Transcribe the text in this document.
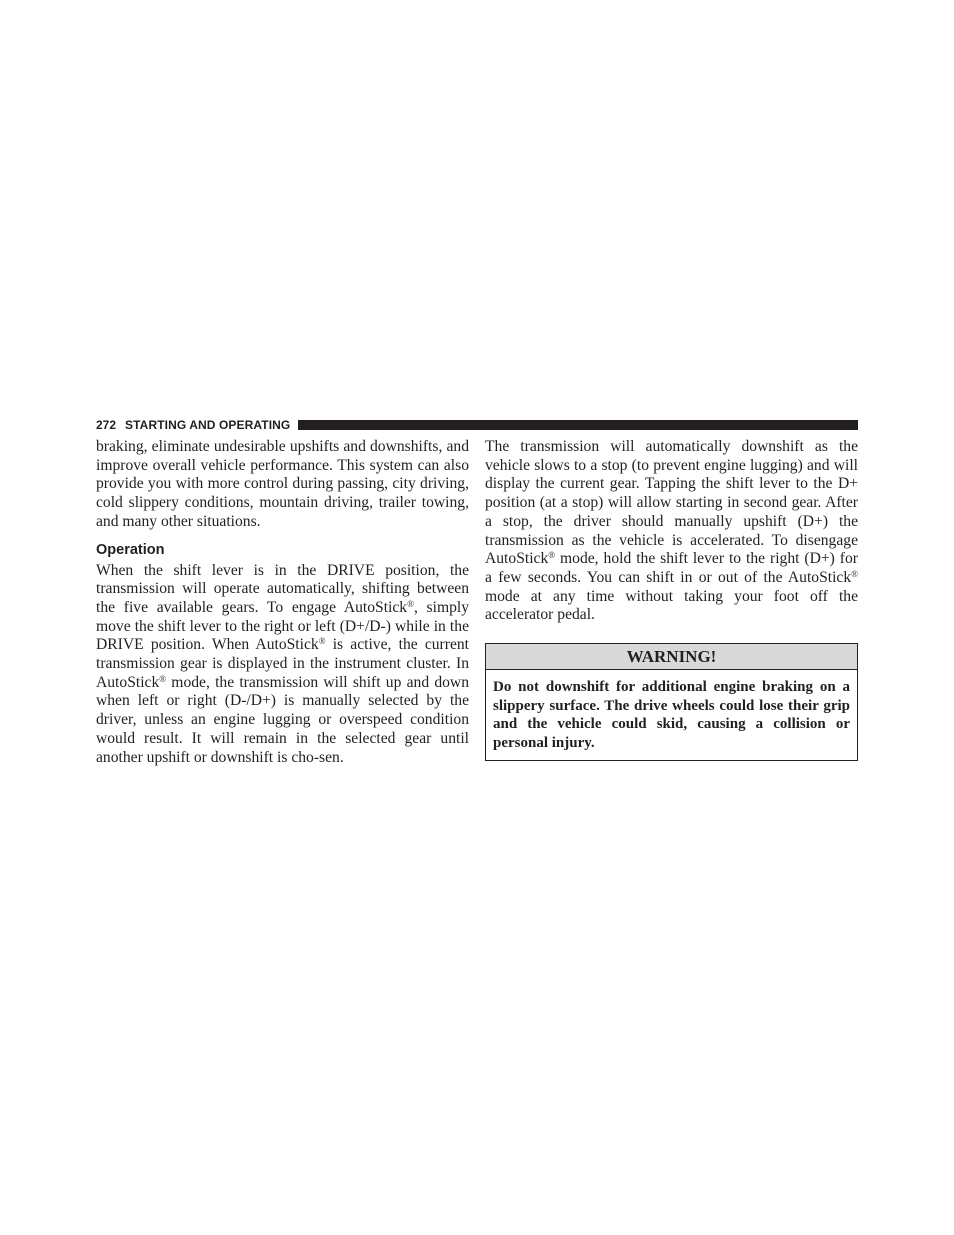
272 STARTING AND OPERATING

braking, eliminate undesirable upshifts and downshifts, and improve overall vehicle performance. This system can also provide you with more control during passing, city driving, cold slippery conditions, mountain driving, trailer towing, and many other situations.

Operation

When the shift lever is in the DRIVE position, the transmission will operate automatically, shifting between the five available gears. To engage AutoStick®, simply move the shift lever to the right or left (D+/D-) while in the DRIVE position. When AutoStick® is active, the current transmission gear is displayed in the instrument cluster. In AutoStick® mode, the transmission will shift up and down when left or right (D-/D+) is manually selected by the driver, unless an engine lugging or overspeed condition would result. It will remain in the selected gear until another upshift or downshift is cho-sen.

The transmission will automatically downshift as the vehicle slows to a stop (to prevent engine lugging) and will display the current gear. Tapping the shift lever to the D+ position (at a stop) will allow starting in second gear. After a stop, the driver should manually upshift (D+) the transmission as the vehicle is accelerated. To disengage AutoStick® mode, hold the shift lever to the right (D+) for a few seconds. You can shift in or out of the AutoStick® mode at any time without taking your foot off the accelerator pedal.

WARNING!
Do not downshift for additional engine braking on a slippery surface. The drive wheels could lose their grip and the vehicle could skid, causing a collision or personal injury.
